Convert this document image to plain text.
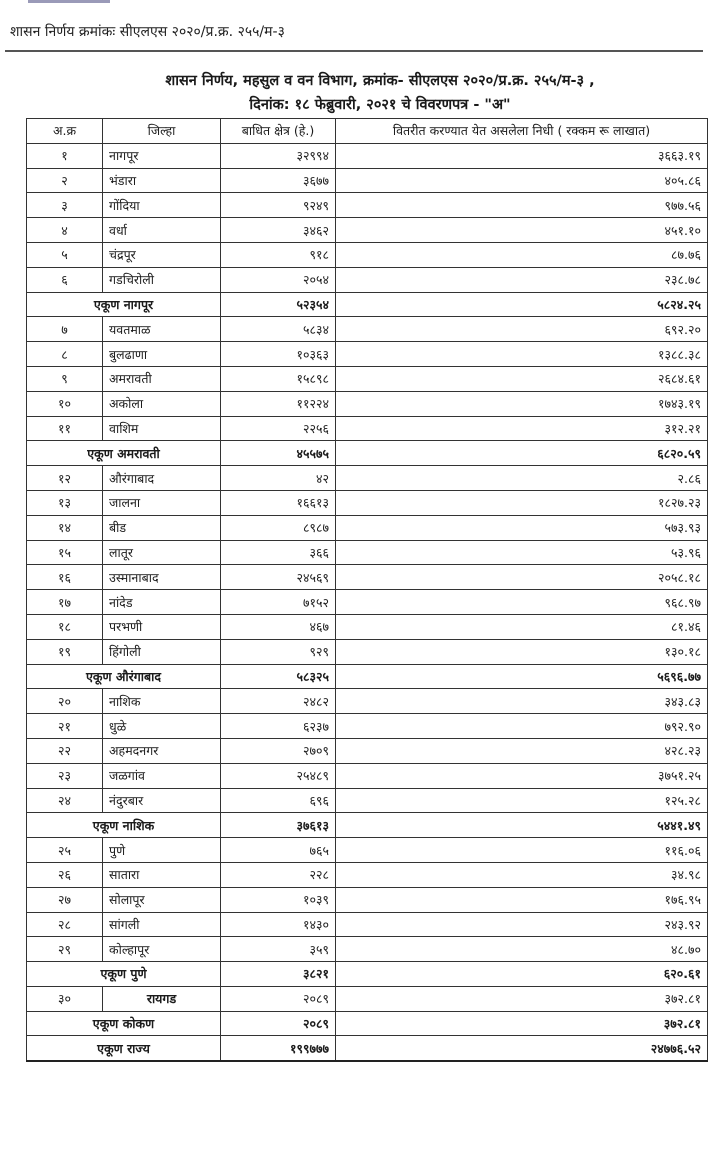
शासन निर्णय क्रमांकः सीएलएस २०२०/प्र.क्र. २५५/म-३
शासन निर्णय, महसुल व वन विभाग, क्रमांक- सीएलएस २०२०/प्र.क्र. २५५/म-३ ,
दिनांक: १८ फेब्रुवारी, २०२१ चे विवरणपत्र - "अ"
अ.क्र	जिल्हा	बाधित क्षेत्र (हे.)	वितरीत करण्यात येत असलेला निधी ( रक्कम रू लाखात)
१	नागपूर	३२९९४	३६६३.१९
२	भंडारा	३६७७	४०५.८६
३	गोंदिया	९२४९	९७७.५६
४	वर्धा	३४६२	४५१.१०
५	चंद्रपूर	९१८	८७.७६
६	गडचिरोली	२०५४	२३८.७८
एकूण नागपूर		५२३५४	५८२४.२५
७	यवतमाळ	५८३४	६९२.२०
८	बुलढाणा	१०३६३	१३८८.३८
९	अमरावती	१५८९८	२६८४.६१
१०	अकोला	११२२४	१७४३.१९
११	वाशिम	२२५६	३१२.२१
एकूण अमरावती		४५५७५	६८२०.५९
१२	औरंगाबाद	४२	२.८६
१३	जालना	१६६१३	१८२७.२३
१४	बीड	८९८७	५७३.९३
१५	लातूर	३६६	५३.९६
१६	उस्मानाबाद	२४५६९	२०५८.१८
१७	नांदेड	७१५२	९६८.९७
१८	परभणी	४६७	८१.४६
१९	हिंगोली	९२९	१३०.१८
एकूण औरंगाबाद		५८३२५	५६९६.७७
२०	नाशिक	२४८२	३४३.८३
२१	धुळे	६२३७	७९२.९०
२२	अहमदनगर	२७०९	४२८.२३
२३	जळगांव	२५४८९	३७५१.२५
२४	नंदुरबार	६९६	१२५.२८
एकूण नाशिक		३७६१३	५४४१.४९
२५	पुणे	७६५	११६.०६
२६	सातारा	२२८	३४.९८
२७	सोलापूर	१०३९	१७६.९५
२८	सांगली	१४३०	२४३.९२
२९	कोल्हापूर	३५९	४८.७०
एकूण पुणे		३८२१	६२०.६१
३०	रायगड	२०८९	३७२.८१
एकूण कोकण		२०८९	३७२.८१
एकूण राज्य		१९९७७७	२४७७६.५२
